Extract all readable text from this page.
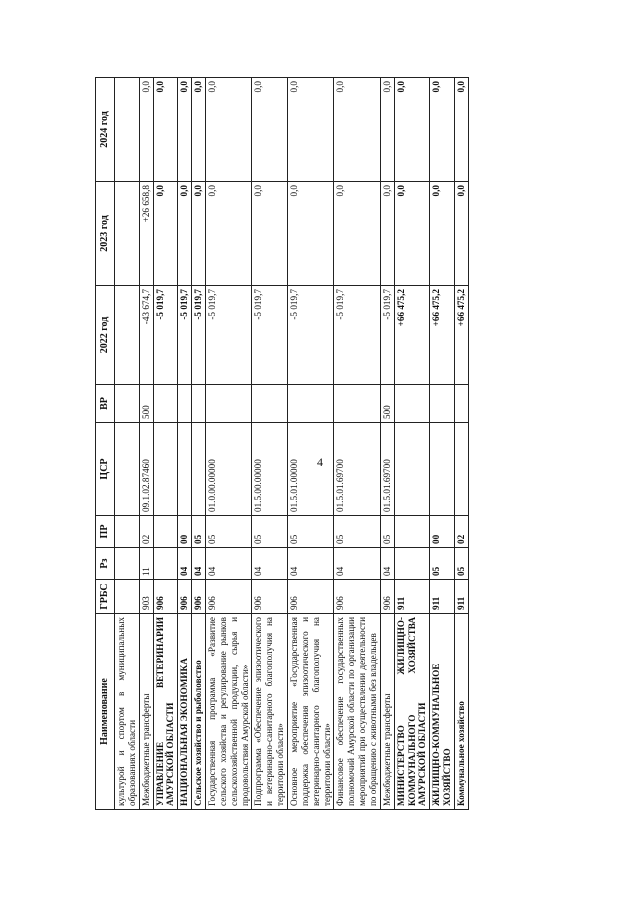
4
Наименование	ГРБС	Рз	ПР	ЦСР	ВР	2022 год	2023 год	2024 год
культурой и спортом в муниципальных образованиях области								
Межбюджетные трансферты	903	11	02	09.1.02.87460	500	-43 674,7	+26 658,8	0,0
УПРАВЛЕНИЕ ВЕТЕРИНАРИИ АМУРСКОЙ ОБЛАСТИ	906					-5 019,7	0,0	0,0
НАЦИОНАЛЬНАЯ ЭКОНОМИКА	906	04	00			-5 019,7	0,0	0,0
Сельское хозяйство и рыболовство	906	04	05			-5 019,7	0,0	0,0
Государственная программа «Развитие сельского хозяйства и регулирование рынков сельскохозяйственной продукции, сырья и продовольствия Амурской области»	906	04	05	01.0.00.00000		-5 019,7	0,0	0,0
Подпрограмма «Обеспечение эпизоотического и ветеринарно-санитарного благополучия на территории области»	906	04	05	01.5.00.00000		-5 019,7	0,0	0,0
Основное мероприятие «Государственная поддержка обеспечения эпизоотического и ветеринарно-санитарного благополучия на территории области»	906	04	05	01.5.01.00000		-5 019,7	0,0	0,0
Финансовое обеспечение государственных полномочий Амурской области по организации мероприятий при осуществлении деятельности по обращению с животными без владельцев	906	04	05	01.5.01.69700		-5 019,7	0,0	0,0
Межбюджетные трансферты	906	04	05	01.5.01.69700	500	-5 019,7	0,0	0,0
МИНИСТЕРСТВО ЖИЛИЩНО-КОММУНАЛЬНОГО ХОЗЯЙСТВА АМУРСКОЙ ОБЛАСТИ	911					+66 475,2	0,0	0,0
ЖИЛИЩНО-КОММУНАЛЬНОЕ ХОЗЯЙСТВО	911	05	00			+66 475,2	0,0	0,0
Коммунальное хозяйство	911	05	02			+66 475,2	0,0	0,0
